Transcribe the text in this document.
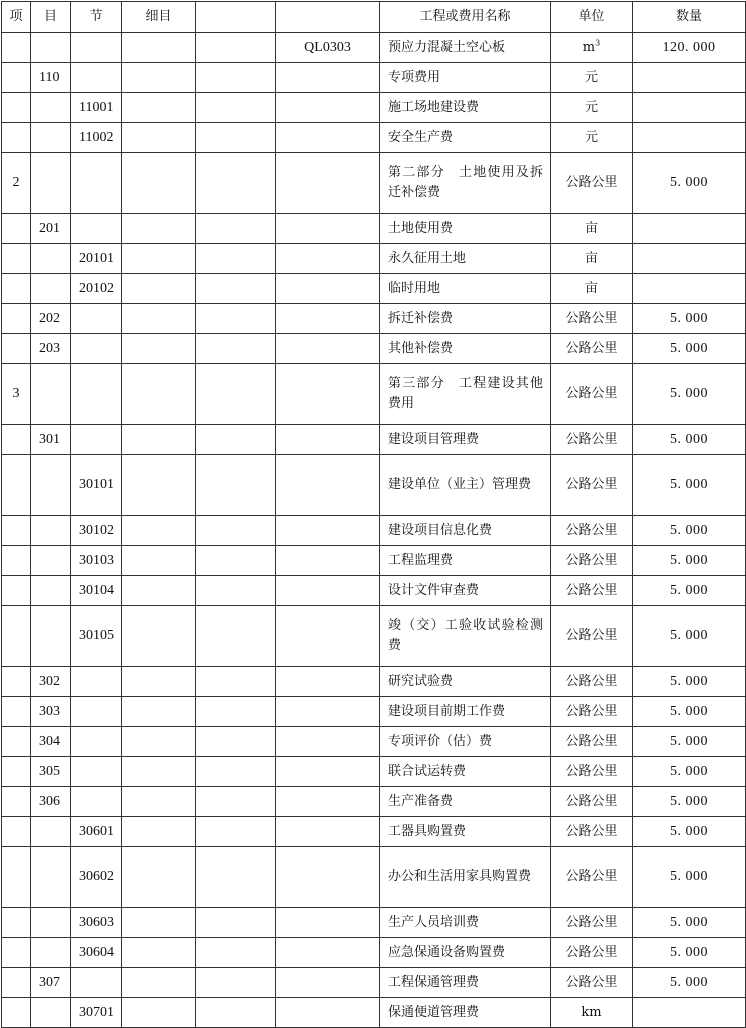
项	目	节	细目			工程或费用名称	单位	数量
					QL0303	预应力混凝土空心板	$m^3$	120. 000
	110					专项费用	元	
		11001				施工场地建设费	元	
		11002				安全生产费	元	
2						第二部分　土地使用及拆迁补偿费	公路公里	5. 000
	201					土地使用费	亩	
		20101				永久征用土地	亩	
		20102				临时用地	亩	
	202					拆迁补偿费	公路公里	5. 000
	203					其他补偿费	公路公里	5. 000
3						第三部分　工程建设其他费用	公路公里	5. 000
	301					建设项目管理费	公路公里	5. 000
		30101				建设单位（业主）管理费	公路公里	5. 000
		30102				建设项目信息化费	公路公里	5. 000
		30103				工程监理费	公路公里	5. 000
		30104				设计文件审查费	公路公里	5. 000
		30105				竣（交）工验收试验检测费	公路公里	5. 000
	302					研究试验费	公路公里	5. 000
	303					建设项目前期工作费	公路公里	5. 000
	304					专项评价（估）费	公路公里	5. 000
	305					联合试运转费	公路公里	5. 000
	306					生产准备费	公路公里	5. 000
		30601				工器具购置费	公路公里	5. 000
		30602				办公和生活用家具购置费	公路公里	5. 000
		30603				生产人员培训费	公路公里	5. 000
		30604				应急保通设备购置费	公路公里	5. 000
	307					工程保通管理费	公路公里	5. 000
		30701				保通便道管理费	km	
